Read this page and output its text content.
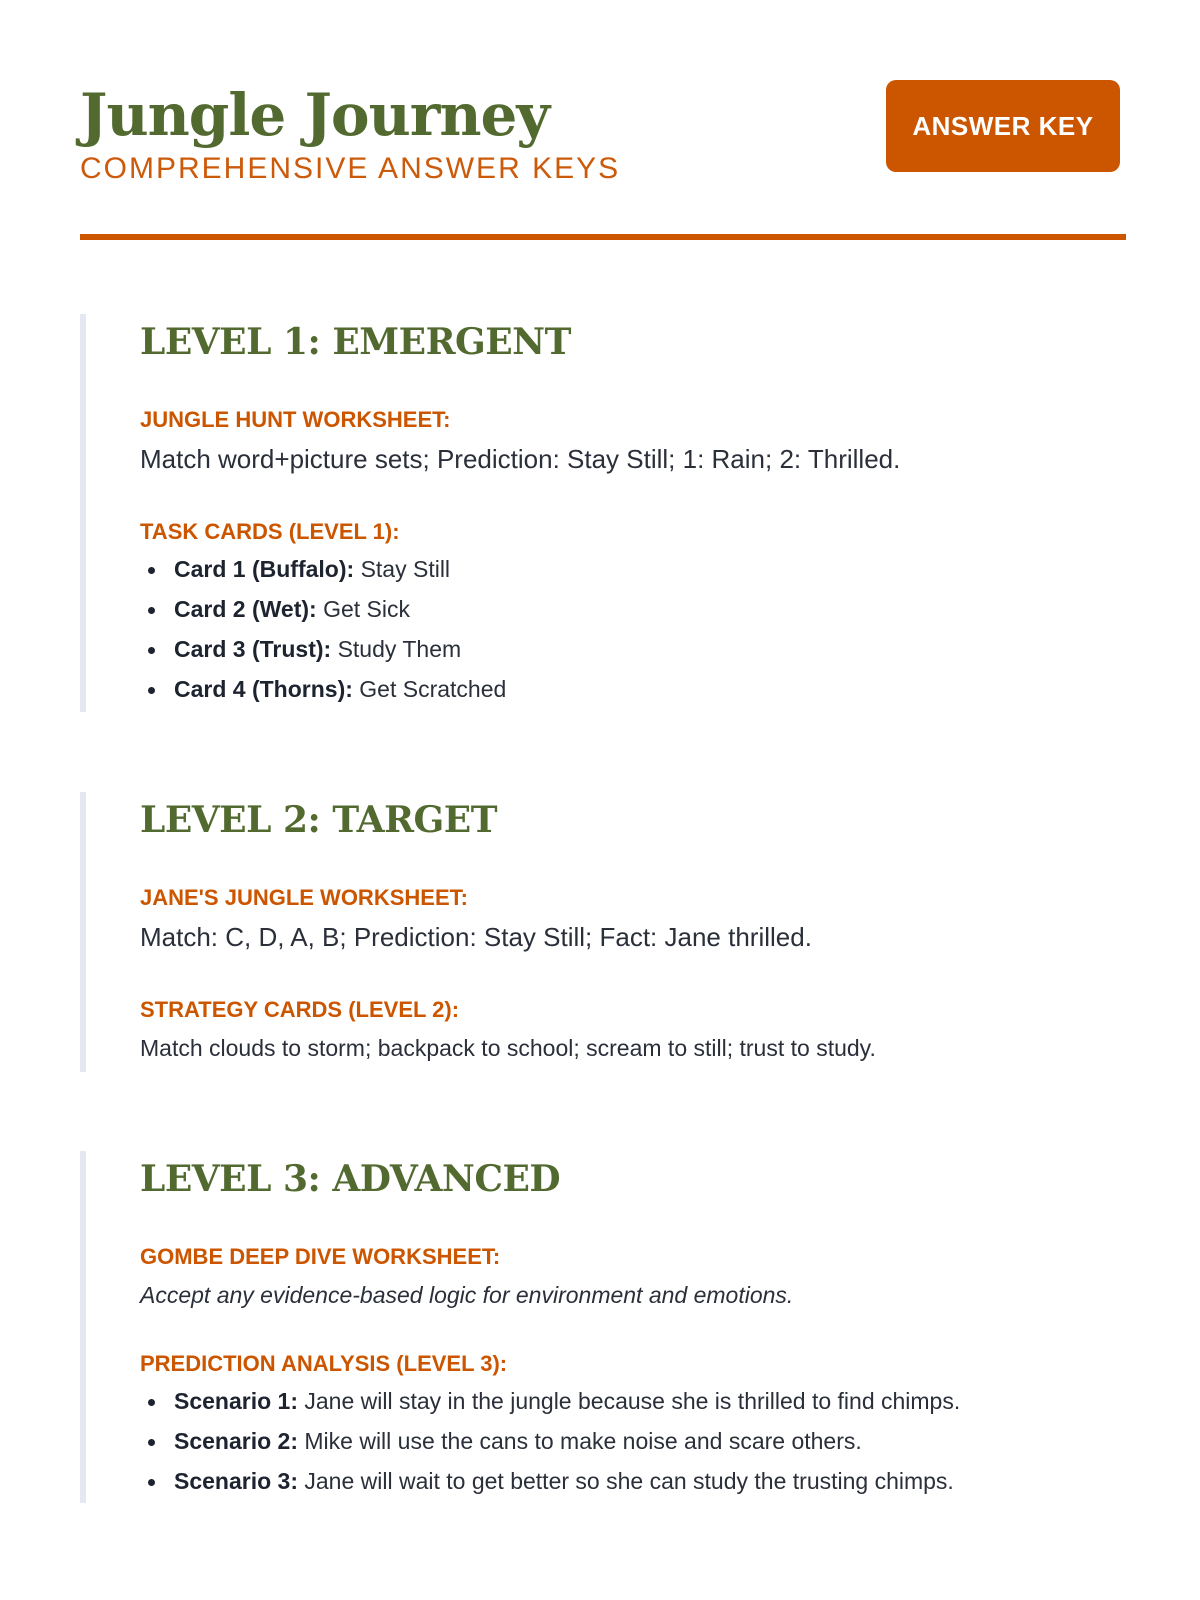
Jungle Journey
COMPREHENSIVE ANSWER KEYS
ANSWER KEY
LEVEL 1: EMERGENT
JUNGLE HUNT WORKSHEET:
Match word+picture sets; Prediction: Stay Still; 1: Rain; 2: Thrilled.
TASK CARDS (LEVEL 1):
Card 1 (Buffalo): Stay Still
Card 2 (Wet): Get Sick
Card 3 (Trust): Study Them
Card 4 (Thorns): Get Scratched
LEVEL 2: TARGET
JANE'S JUNGLE WORKSHEET:
Match: C, D, A, B; Prediction: Stay Still; Fact: Jane thrilled.
STRATEGY CARDS (LEVEL 2):
Match clouds to storm; backpack to school; scream to still; trust to study.
LEVEL 3: ADVANCED
GOMBE DEEP DIVE WORKSHEET:
Accept any evidence-based logic for environment and emotions.
PREDICTION ANALYSIS (LEVEL 3):
Scenario 1: Jane will stay in the jungle because she is thrilled to find chimps.
Scenario 2: Mike will use the cans to make noise and scare others.
Scenario 3: Jane will wait to get better so she can study the trusting chimps.
